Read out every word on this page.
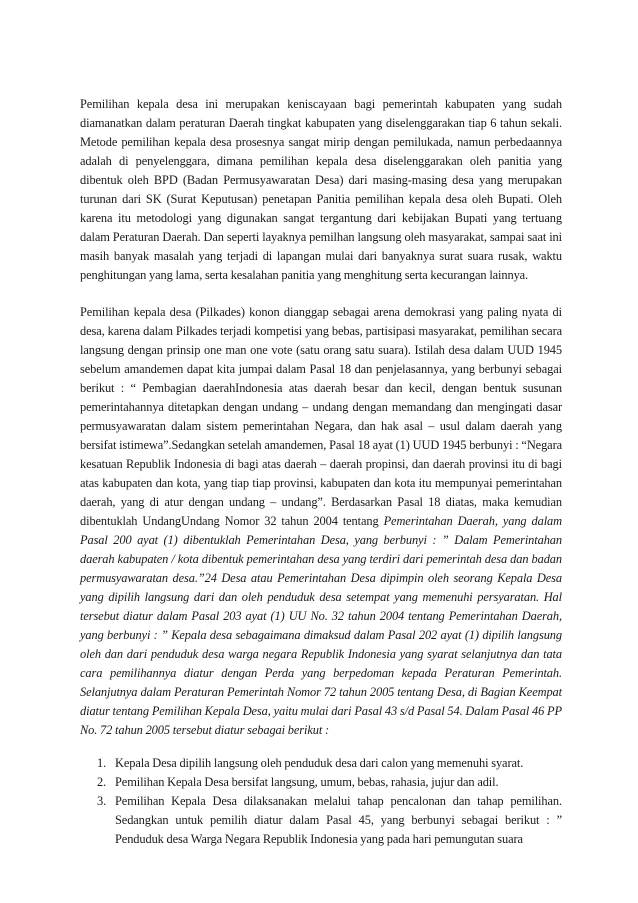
Pemilihan kepala desa ini merupakan keniscayaan bagi pemerintah kabupaten yang sudah diamanatkan dalam peraturan Daerah tingkat kabupaten yang diselenggarakan tiap 6 tahun sekali. Metode pemilihan kepala desa prosesnya sangat mirip dengan pemilukada, namun perbedaannya adalah di penyelenggara, dimana pemilihan kepala desa diselenggarakan oleh panitia yang dibentuk oleh BPD (Badan Permusyawaratan Desa) dari masing-masing desa yang merupakan turunan dari SK (Surat Keputusan) penetapan Panitia pemilihan kepala desa oleh Bupati. Oleh karena itu metodologi yang digunakan sangat tergantung dari kebijakan Bupati yang tertuang dalam Peraturan Daerah. Dan seperti layaknya pemilhan langsung oleh masyarakat, sampai saat ini masih banyak masalah yang terjadi di lapangan mulai dari banyaknya surat suara rusak, waktu penghitungan yang lama, serta kesalahan panitia yang menghitung serta kecurangan lainnya.

Pemilihan kepala desa (Pilkades) konon dianggap sebagai arena demokrasi yang paling nyata di desa, karena dalam Pilkades terjadi kompetisi yang bebas, partisipasi masyarakat, pemilihan secara langsung dengan prinsip one man one vote (satu orang satu suara). Istilah desa dalam UUD 1945 sebelum amandemen dapat kita jumpai dalam Pasal 18 dan penjelasannya, yang berbunyi sebagai berikut : “ Pembagian daerahIndonesia atas daerah besar dan kecil, dengan bentuk susunan pemerintahannya ditetapkan dengan undang – undang dengan memandang dan mengingati dasar permusyawaratan dalam sistem pemerintahan Negara, dan hak asal – usul dalam daerah yang bersifat istimewa”.Sedangkan setelah amandemen, Pasal 18 ayat (1) UUD 1945 berbunyi : “Negara kesatuan Republik Indonesia di bagi atas daerah – daerah propinsi, dan daerah provinsi itu di bagi atas kabupaten dan kota, yang tiap tiap provinsi, kabupaten dan kota itu mempunyai pemerintahan daerah, yang di atur dengan undang – undang”. Berdasarkan Pasal 18 diatas, maka kemudian dibentuklah UndangUndang Nomor 32 tahun 2004 tentang Pemerintahan Daerah, yang dalam Pasal 200 ayat (1) dibentuklah Pemerintahan Desa, yang berbunyi : ” Dalam Pemerintahan daerah kabupaten / kota dibentuk pemerintahan desa yang terdiri dari pemerintah desa dan badan permusyawaratan desa.”24 Desa atau Pemerintahan Desa dipimpin oleh seorang Kepala Desa yang dipilih langsung dari dan oleh penduduk desa setempat yang memenuhi persyaratan. Hal tersebut diatur dalam Pasal 203 ayat (1) UU No. 32 tahun 2004 tentang Pemerintahan Daerah, yang berbunyi : ” Kepala desa sebagaimana dimaksud dalam Pasal 202 ayat (1) dipilih langsung oleh dan dari penduduk desa warga negara Republik Indonesia yang syarat selanjutnya dan tata cara pemilihannya diatur dengan Perda yang berpedoman kepada Peraturan Pemerintah. Selanjutnya dalam Peraturan Pemerintah Nomor 72 tahun 2005 tentang Desa, di Bagian Keempat diatur tentang Pemilihan Kepala Desa, yaitu mulai dari Pasal 43 s/d Pasal 54. Dalam Pasal 46 PP No. 72 tahun 2005 tersebut diatur sebagai berikut :

1. Kepala Desa dipilih langsung oleh penduduk desa dari calon yang memenuhi syarat.
2. Pemilihan Kepala Desa bersifat langsung, umum, bebas, rahasia, jujur dan adil.
3. Pemilihan Kepala Desa dilaksanakan melalui tahap pencalonan dan tahap pemilihan. Sedangkan untuk pemilih diatur dalam Pasal 45, yang berbunyi sebagai berikut : ” Penduduk desa Warga Negara Republik Indonesia yang pada hari pemungutan suara
